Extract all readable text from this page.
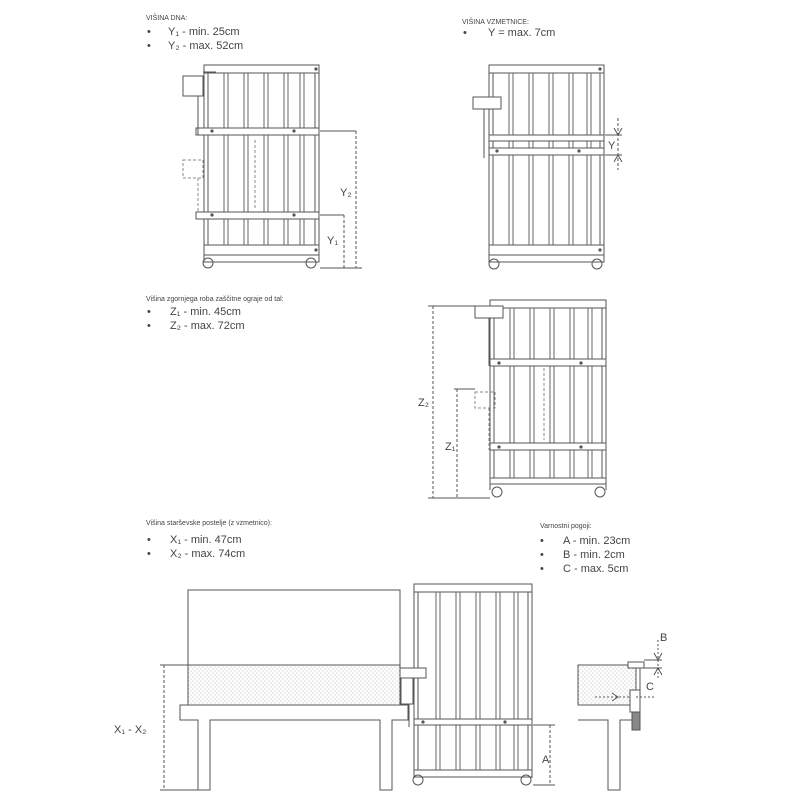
VIŠINA DNA:
• Y₁ - min. 25cm
• Y₂ - max. 52cm
VIŠINA VZMETNICE:
• Y = max. 7cm
Y₂
Y₁
Y
Višina zgornjega roba zaščitne ograje od tal:
• Z₁ - min. 45cm
• Z₂ - max. 72cm
Z₂
Z₁
Višina starševske postelje (z vzmetnico):
• X₁ - min. 47cm
• X₂ - max. 74cm
Varnostni pogoji:
• A - min. 23cm
• B - min. 2cm
• C - max. 5cm
X₁ - X₂
A
B
C
